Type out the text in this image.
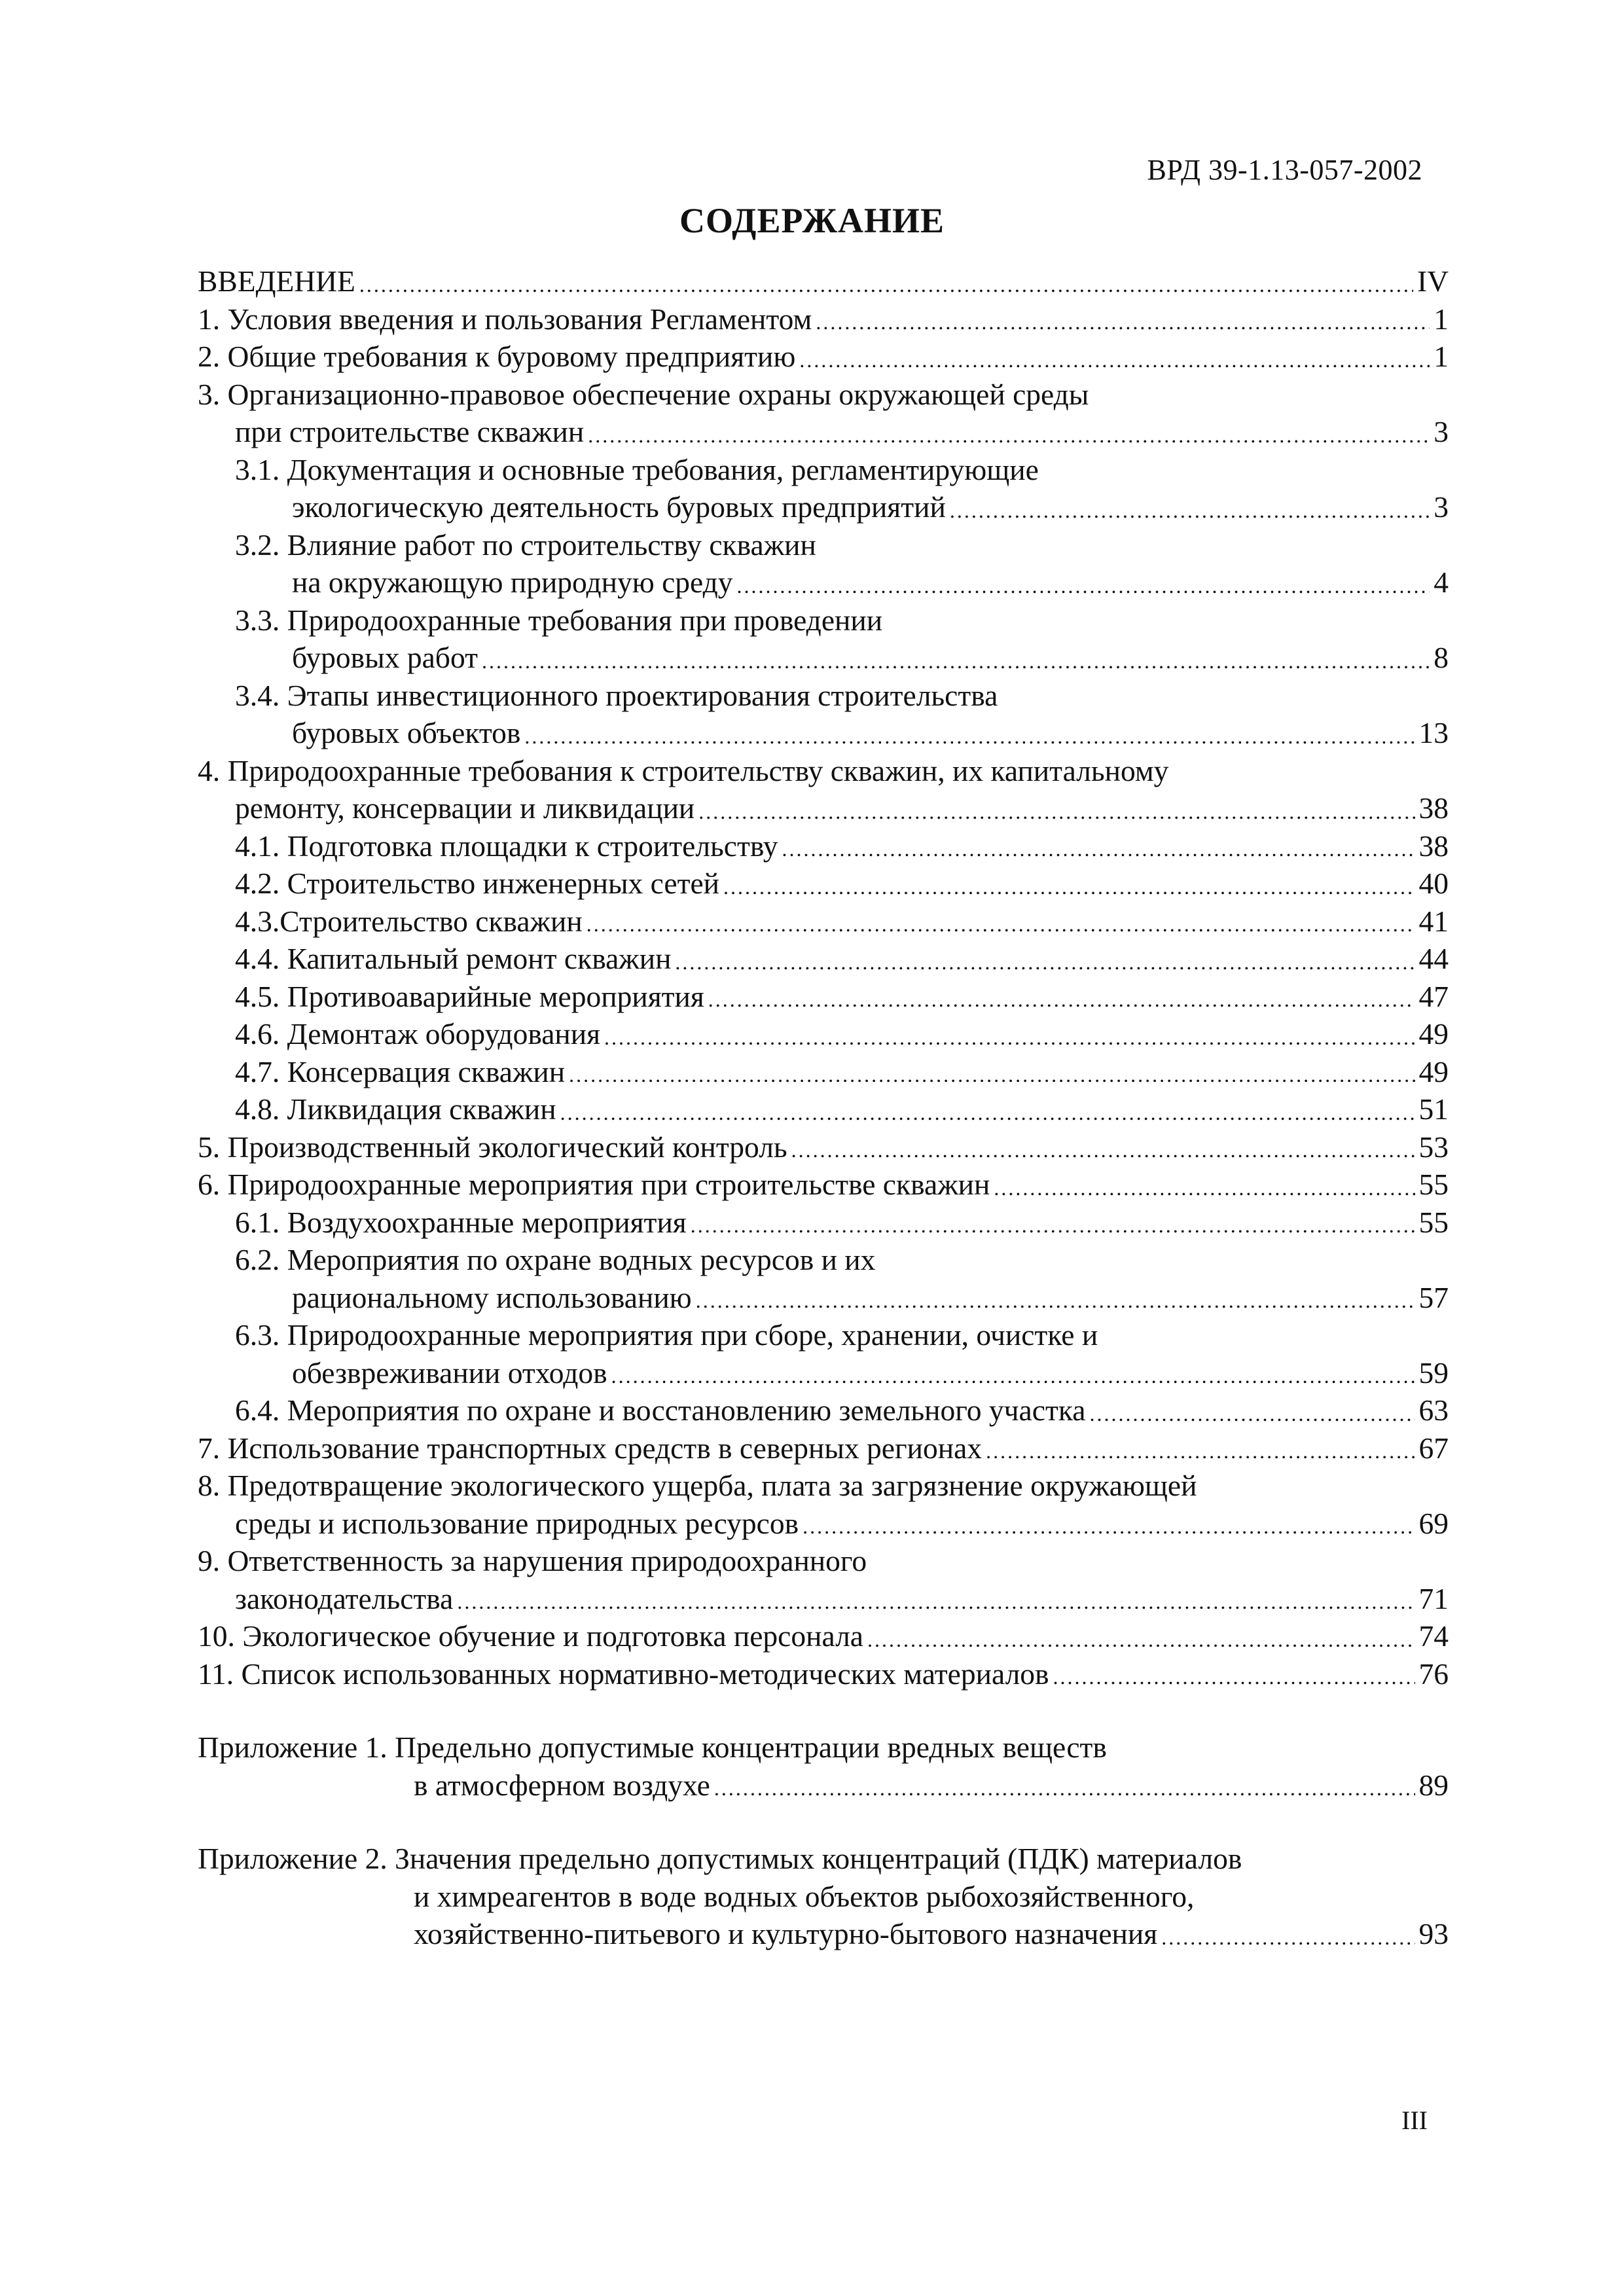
ВРД 39-1.13-057-2002
СОДЕРЖАНИЕ
ВВЕДЕНИЕ .....	IV
1. Условия введения и пользования Регламентом .....	1
2. Общие требования к буровому предприятию .....	1
3. Организационно-правовое обеспечение охраны окружающей среды
при строительстве скважин .....	3
3.1. Документация и основные требования, регламентирующие
экологическую деятельность буровых предприятий .....	3
3.2. Влияние работ по строительству скважин
на окружающую природную среду .....	4
3.3. Природоохранные требования при проведении
буровых работ .....	8
3.4. Этапы инвестиционного проектирования строительства
буровых объектов .....	13
4. Природоохранные требования к строительству скважин, их капитальному
ремонту, консервации и ликвидации .....	38
4.1. Подготовка площадки к строительству .....	38
4.2. Строительство инженерных сетей .....	40
4.3.Строительство скважин .....	41
4.4. Капитальный ремонт скважин .....	44
4.5. Противоаварийные мероприятия .....	47
4.6. Демонтаж оборудования .....	49
4.7. Консервация скважин .....	49
4.8. Ликвидация скважин .....	51
5. Производственный экологический контроль .....	53
6. Природоохранные мероприятия при строительстве скважин .....	55
6.1. Воздухоохранные мероприятия .....	55
6.2. Мероприятия по охране водных ресурсов и их
рациональному использованию .....	57
6.3. Природоохранные мероприятия при сборе, хранении, очистке и
обезвреживании отходов .....	59
6.4. Мероприятия по охране и восстановлению земельного участка .....	63
7. Использование транспортных средств в северных регионах .....	67
8. Предотвращение экологического ущерба, плата за загрязнение окружающей
среды и использование природных ресурсов .....	69
9. Ответственность за нарушения природоохранного
законодательства .....	71
10. Экологическое обучение и подготовка персонала .....	74
11. Список использованных нормативно-методических материалов .....	76
Приложение 1. Предельно допустимые концентрации вредных веществ
в атмосферном воздухе .....	89
Приложение 2. Значения предельно допустимых концентраций (ПДК) материалов
и химреагентов в воде водных объектов рыбохозяйственного,
хозяйственно-питьевого и культурно-бытового назначения .....	93
III
